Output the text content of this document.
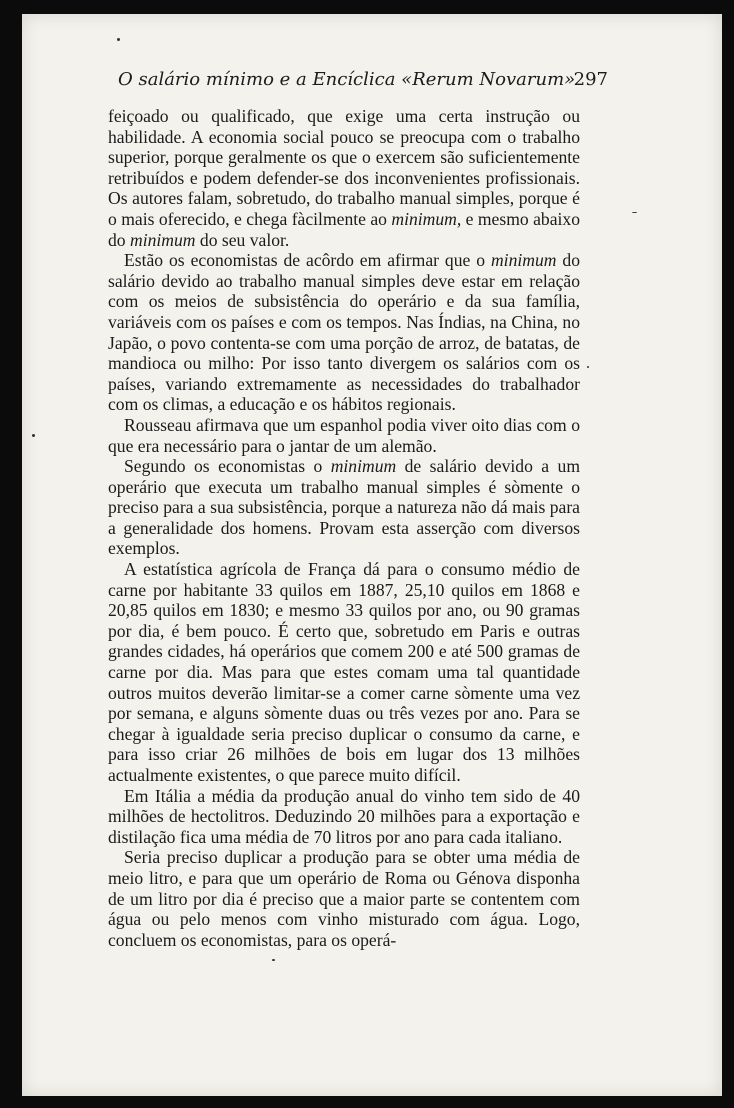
O salário mínimo e a Encíclica «Rerum Novarum»
297

feiçoado ou qualificado, que exige uma certa instrução ou habilidade. A economia social pouco se preocupa com o trabalho superior, porque geralmente os que o exercem são suficientemente retribuídos e podem defender-se dos inconvenientes profissionais. Os autores falam, sobretudo, do trabalho manual simples, porque é o mais oferecido, e chega fàcilmente ao minimum, e mesmo abaixo do minimum do seu valor.

Estão os economistas de acôrdo em afirmar que o minimum do salário devido ao trabalho manual simples deve estar em relação com os meios de subsistência do operário e da sua família, variáveis com os países e com os tempos. Nas Índias, na China, no Japão, o povo contenta-se com uma porção de arroz, de batatas, de mandioca ou milho: Por isso tanto divergem os salários com os países, variando extremamente as necessidades do trabalhador com os climas, a educação e os hábitos regionais.

Rousseau afirmava que um espanhol podia viver oito dias com o que era necessário para o jantar de um alemão.

Segundo os economistas o minimum de salário devido a um operário que executa um trabalho manual simples é sòmente o preciso para a sua subsistência, porque a natureza não dá mais para a generalidade dos homens. Provam esta asserção com diversos exemplos.

A estatística agrícola de França dá para o consumo médio de carne por habitante 33 quilos em 1887, 25,10 quilos em 1868 e 20,85 quilos em 1830; e mesmo 33 quilos por ano, ou 90 gramas por dia, é bem pouco. É certo que, sobretudo em Paris e outras grandes cidades, há operários que comem 200 e até 500 gramas de carne por dia. Mas para que estes comam uma tal quantidade outros muitos deverão limitar-se a comer carne sòmente uma vez por semana, e alguns sòmente duas ou três vezes por ano. Para se chegar à igualdade seria preciso duplicar o consumo da carne, e para isso criar 26 milhões de bois em lugar dos 13 milhões actualmente existentes, o que parece muito difícil.

Em Itália a média da produção anual do vinho tem sido de 40 milhões de hectolitros. Deduzindo 20 milhões para a exportação e distilação fica uma média de 70 litros por ano para cada italiano.

Seria preciso duplicar a produção para se obter uma média de meio litro, e para que um operário de Roma ou Génova disponha de um litro por dia é preciso que a maior parte se contentem com água ou pelo menos com vinho misturado com água. Logo, concluem os economistas, para os operá-
